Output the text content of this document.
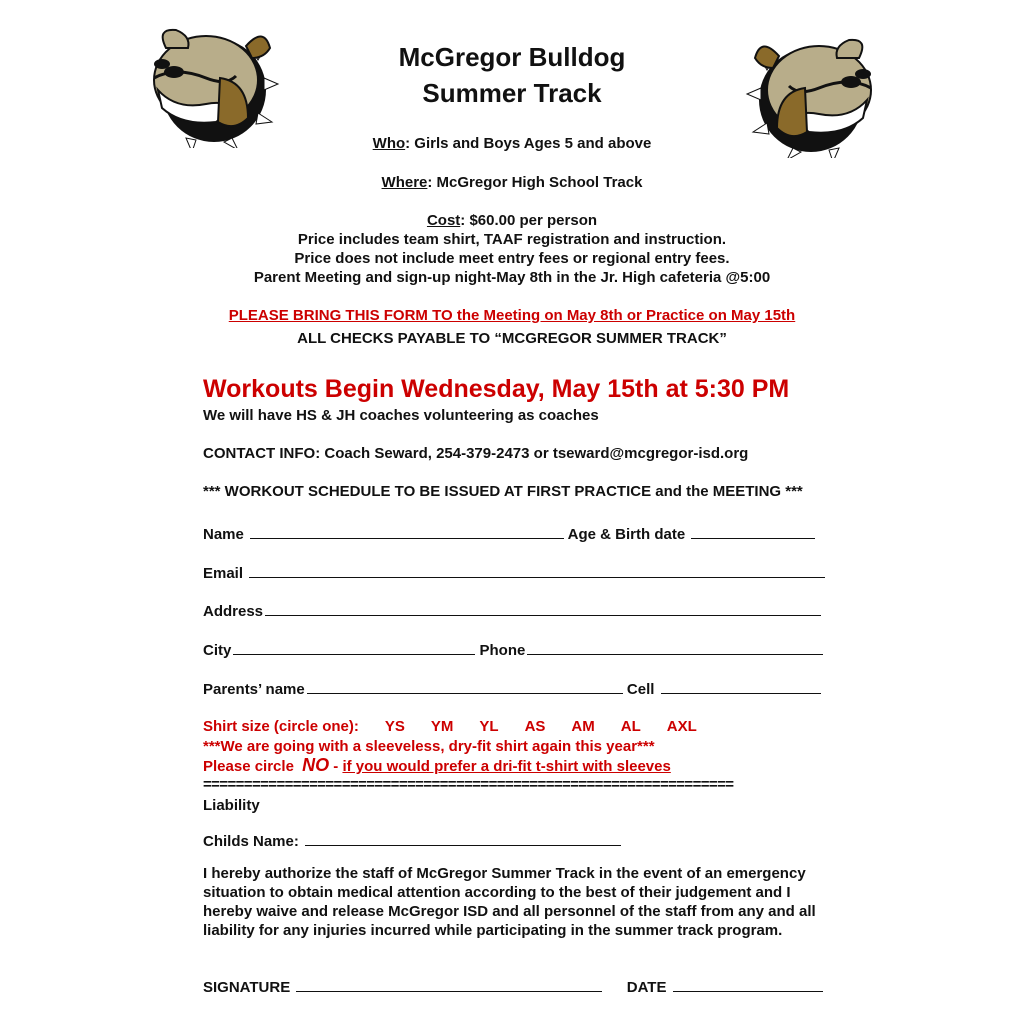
McGregor Bulldog
Summer Track
Who: Girls and Boys Ages 5 and above
Where: McGregor High School Track
Cost: $60.00 per person
Price includes team shirt, TAAF registration and instruction.
Price does not include meet entry fees or regional entry fees.
Parent Meeting and sign-up night-May 8th in the Jr. High cafeteria @5:00
PLEASE BRING THIS FORM TO the Meeting on May 8th or Practice on May 15th
ALL CHECKS PAYABLE TO “MCGREGOR SUMMER TRACK”
Workouts Begin Wednesday, May 15th at 5:30 PM
We will have HS & JH coaches volunteering as coaches
CONTACT INFO: Coach Seward, 254-379-2473 or tseward@mcgregor-isd.org
*** WORKOUT SCHEDULE TO BE ISSUED AT FIRST PRACTICE and the MEETING ***
Name	Age & Birth date
Email
Address
City	Phone
Parents’ name	Cell
Shirt size (circle one): YS YM YL AS AM AL AXL
***We are going with a sleeveless, dry-fit shirt again this year***
Please circle NO - if you would prefer a dri-fit t-shirt with sleeves
=================================================================
Liability
Childs Name:
I hereby authorize the staff of McGregor Summer Track in the event of an emergency situation to obtain medical attention according to the best of their judgement and I hereby waive and release McGregor ISD and all personnel of the staff from any and all liability for any injuries incurred while participating in the summer track program.
SIGNATURE	DATE
